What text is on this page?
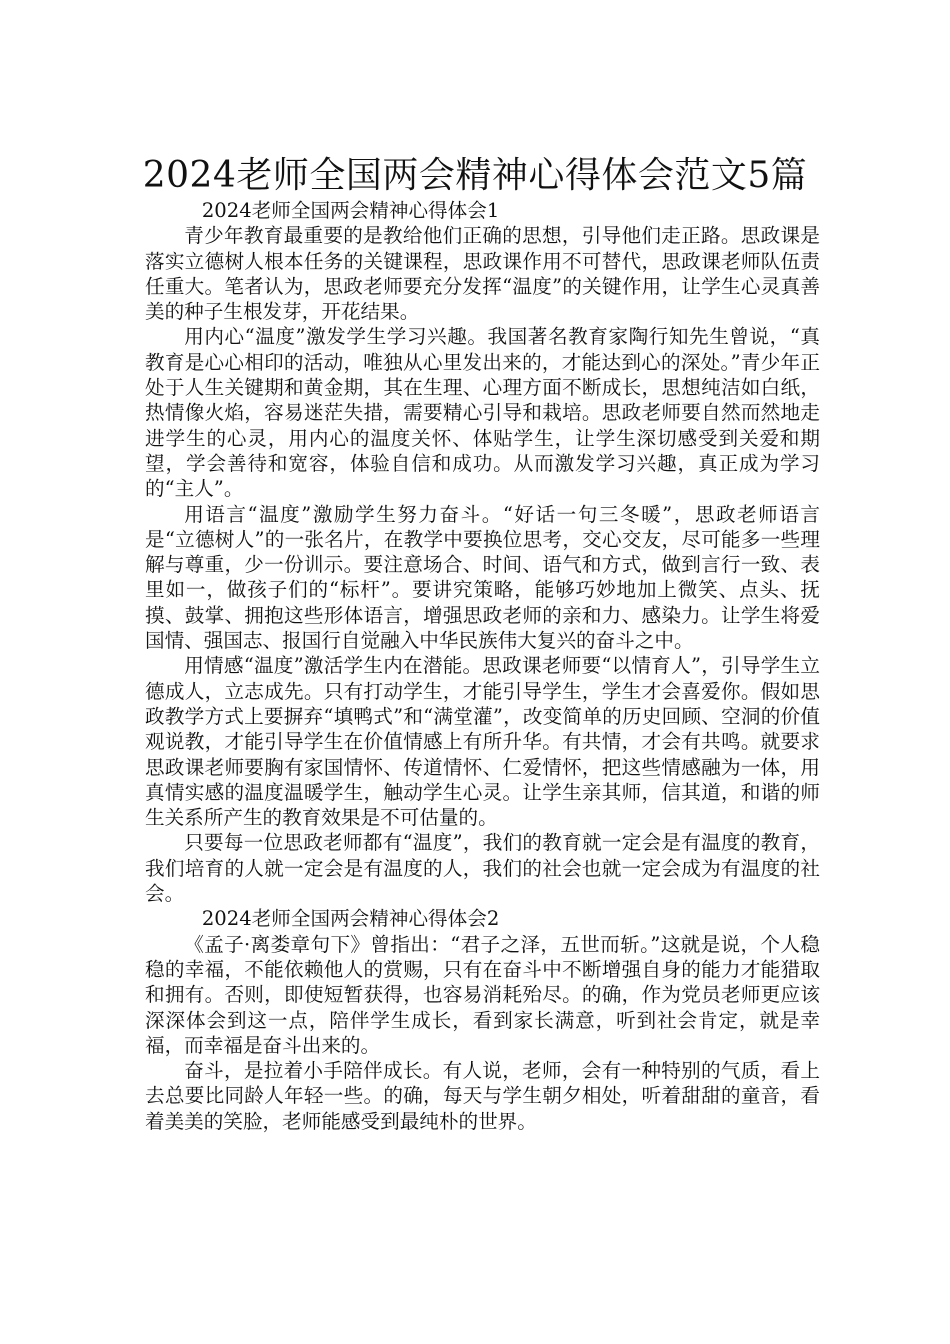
2024老师全国两会精神心得体会范文5篇

2024老师全国两会精神心得体会1

青少年教育最重要的是教给他们正确的思想，引导他们走正路。思政课是落实立德树人根本任务的关键课程，思政课作用不可替代，思政课老师队伍责任重大。笔者认为，思政老师要充分发挥“温度”的关键作用，让学生心灵真善美的种子生根发芽，开花结果。

用内心“温度”激发学生学习兴趣。我国著名教育家陶行知先生曾说，“真教育是心心相印的活动，唯独从心里发出来的，才能达到心的深处。”青少年正处于人生关键期和黄金期，其在生理、心理方面不断成长，思想纯洁如白纸，热情像火焰，容易迷茫失措，需要精心引导和栽培。思政老师要自然而然地走进学生的心灵，用内心的温度关怀、体贴学生，让学生深切感受到关爱和期望，学会善待和宽容，体验自信和成功。从而激发学习兴趣，真正成为学习的“主人”。

用语言“温度”激励学生努力奋斗。“好话一句三冬暖”，思政老师语言是“立德树人”的一张名片，在教学中要换位思考，交心交友，尽可能多一些理解与尊重，少一份训示。要注意场合、时间、语气和方式，做到言行一致、表里如一，做孩子们的“标杆”。要讲究策略，能够巧妙地加上微笑、点头、抚摸、鼓掌、拥抱这些形体语言，增强思政老师的亲和力、感染力。让学生将爱国情、强国志、报国行自觉融入中华民族伟大复兴的奋斗之中。

用情感“温度”激活学生内在潜能。思政课老师要“以情育人”，引导学生立德成人，立志成先。只有打动学生，才能引导学生，学生才会喜爱你。假如思政教学方式上要摒弃“填鸭式”和“满堂灌”，改变简单的历史回顾、空洞的价值观说教，才能引导学生在价值情感上有所升华。有共情，才会有共鸣。就要求思政课老师要胸有家国情怀、传道情怀、仁爱情怀，把这些情感融为一体，用真情实感的温度温暖学生，触动学生心灵。让学生亲其师，信其道，和谐的师生关系所产生的教育效果是不可估量的。

只要每一位思政老师都有“温度”，我们的教育就一定会是有温度的教育，我们培育的人就一定会是有温度的人，我们的社会也就一定会成为有温度的社会。

2024老师全国两会精神心得体会2

《孟子·离娄章句下》曾指出：“君子之泽，五世而斩。”这就是说，个人稳稳的幸福，不能依赖他人的赏赐，只有在奋斗中不断增强自身的能力才能猎取和拥有。否则，即使短暂获得，也容易消耗殆尽。的确，作为党员老师更应该深深体会到这一点，陪伴学生成长，看到家长满意，听到社会肯定，就是幸福，而幸福是奋斗出来的。

奋斗，是拉着小手陪伴成长。有人说，老师，会有一种特别的气质，看上去总要比同龄人年轻一些。的确，每天与学生朝夕相处，听着甜甜的童音，看着美美的笑脸，老师能感受到最纯朴的世界。
